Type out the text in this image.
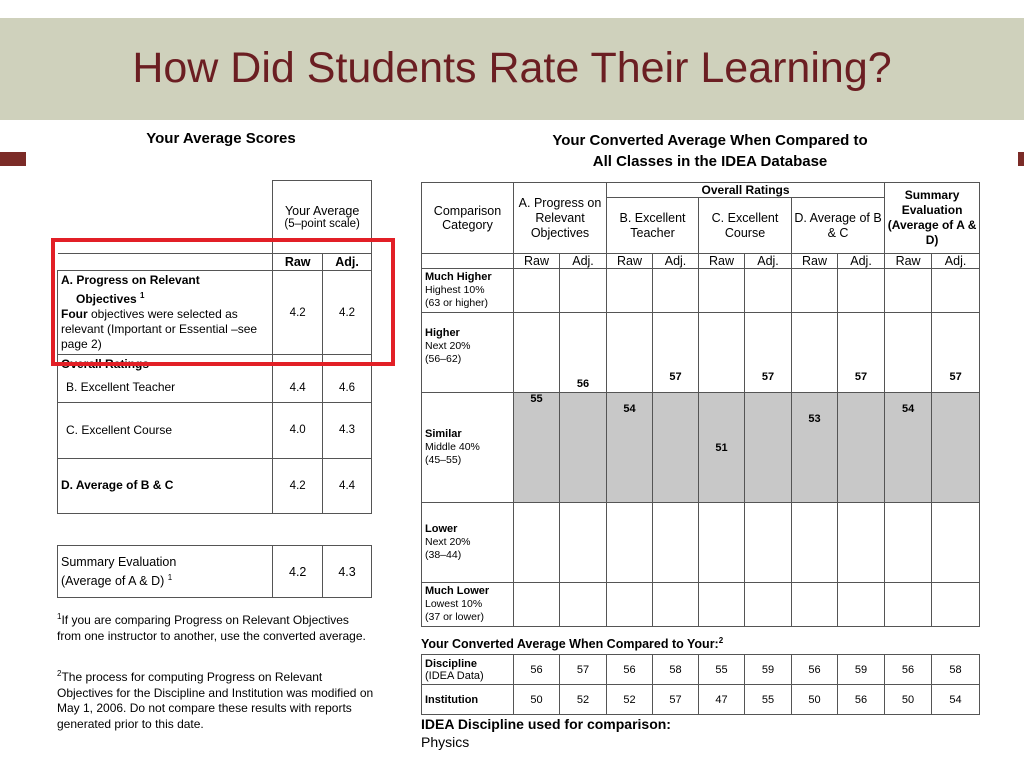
How Did Students Rate Their Learning?
Your Average Scores	Your Converted Average When Compared to
All Classes in the IDEA Database

	Your Average
(5–point scale)	

	Raw	Adj.

A. Progress on Relevant
Objectives $^1$
Four objectives were selected as relevant (Important or Essential –see page 2)	4.2	4.2
Overall Ratings		
B. Excellent Teacher	4.4	4.6
C. Excellent Course	4.0	4.3
D. Average of B & C	4.2	4.4
Summary Evaluation
(Average of A & D) $^1$	4.2	4.3
$^1$If you are comparing Progress on Relevant Objectives from one instructor to another, use the converted average.
$^2$The process for computing Progress on Relevant Objectives for the Discipline and Institution was modified on May 1, 2006. Do not compare these results with reports generated prior to this date.
Comparison Category	A. Progress on Relevant Objectives		Overall Ratings						Summary Evaluation (Average of A & D)	
			B. Excellent Teacher		C. Excellent Course		D. Average of B & C			
	Raw	Adj.	Raw	Adj.	Raw	Adj.	Raw	Adj.	Raw	Adj.
Much Higher
Highest 10%
(63 or higher)										
Higher
Next 20%
(56–62)		56		57		57		57		57
Similar
Middle 40%
(45–55)	55		54		51		53		54	
Lower
Next 20%
(38–44)										
Much Lower
Lowest 10%
(37 or lower)										
Your Converted Average When Compared to Your:$^2$
Discipline
(IDEA Data)	56	57	56	58	55	59	56	59	56	58
Institution	50	52	52	57	47	55	50	56	50	54
IDEA Discipline used for comparison:
Physics
